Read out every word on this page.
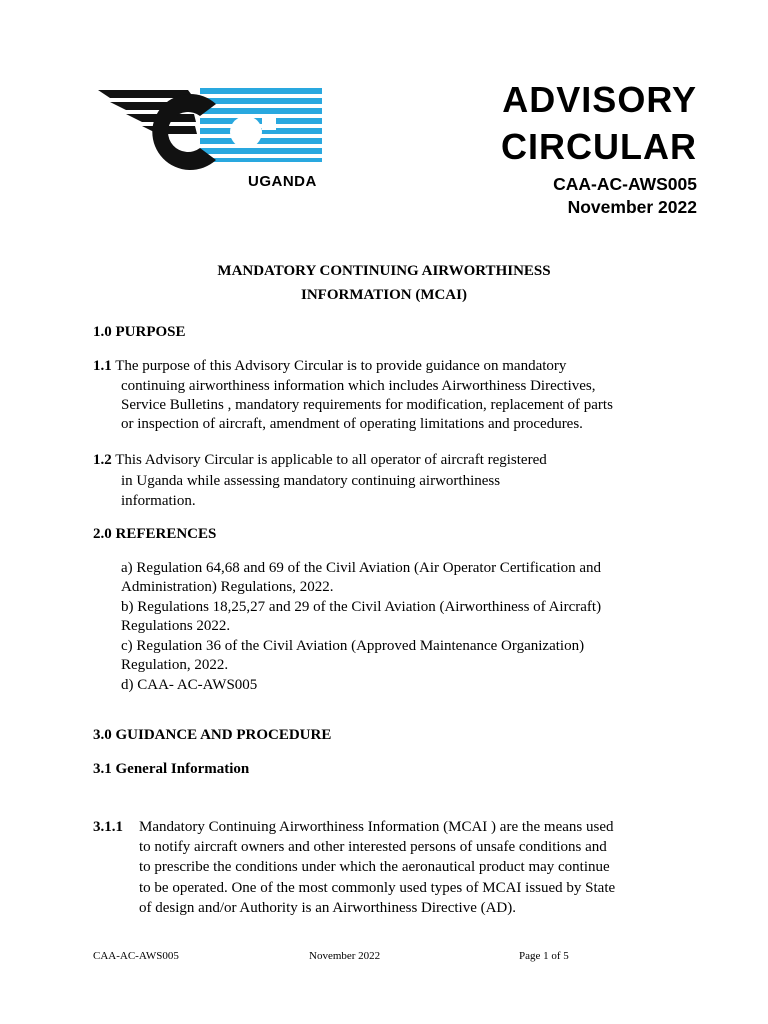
UGANDA
ADVISORY
CIRCULAR
CAA-AC-AWS005
November 2022
MANDATORY CONTINUING AIRWORTHINESS
INFORMATION (MCAI)
1.0 PURPOSE
1.1 The purpose of this Advisory Circular is to provide guidance on mandatory
continuing airworthiness information which includes Airworthiness Directives,
Service Bulletins , mandatory requirements for modification, replacement of parts
or inspection of aircraft, amendment of operating limitations and procedures.
1.2 This Advisory Circular is applicable to all operator of aircraft registered
in Uganda while assessing mandatory continuing airworthiness
information.
2.0 REFERENCES
a) Regulation 64,68 and 69 of the Civil Aviation (Air Operator Certification and
Administration) Regulations, 2022.
b) Regulations 18,25,27 and 29 of the Civil Aviation (Airworthiness of Aircraft)
Regulations 2022.
c) Regulation 36 of the Civil Aviation (Approved Maintenance Organization)
Regulation, 2022.
d) CAA- AC-AWS005
3.0 GUIDANCE AND PROCEDURE
3.1 General Information
3.1.1 Mandatory Continuing Airworthiness Information (MCAI ) are the means used
to notify aircraft owners and other interested persons of unsafe conditions and
to prescribe the conditions under which the aeronautical product may continue
to be operated. One of the most commonly used types of MCAI issued by State
of design and/or Authority is an Airworthiness Directive (AD).
CAA-AC-AWS005	November 2022	Page 1 of 5
